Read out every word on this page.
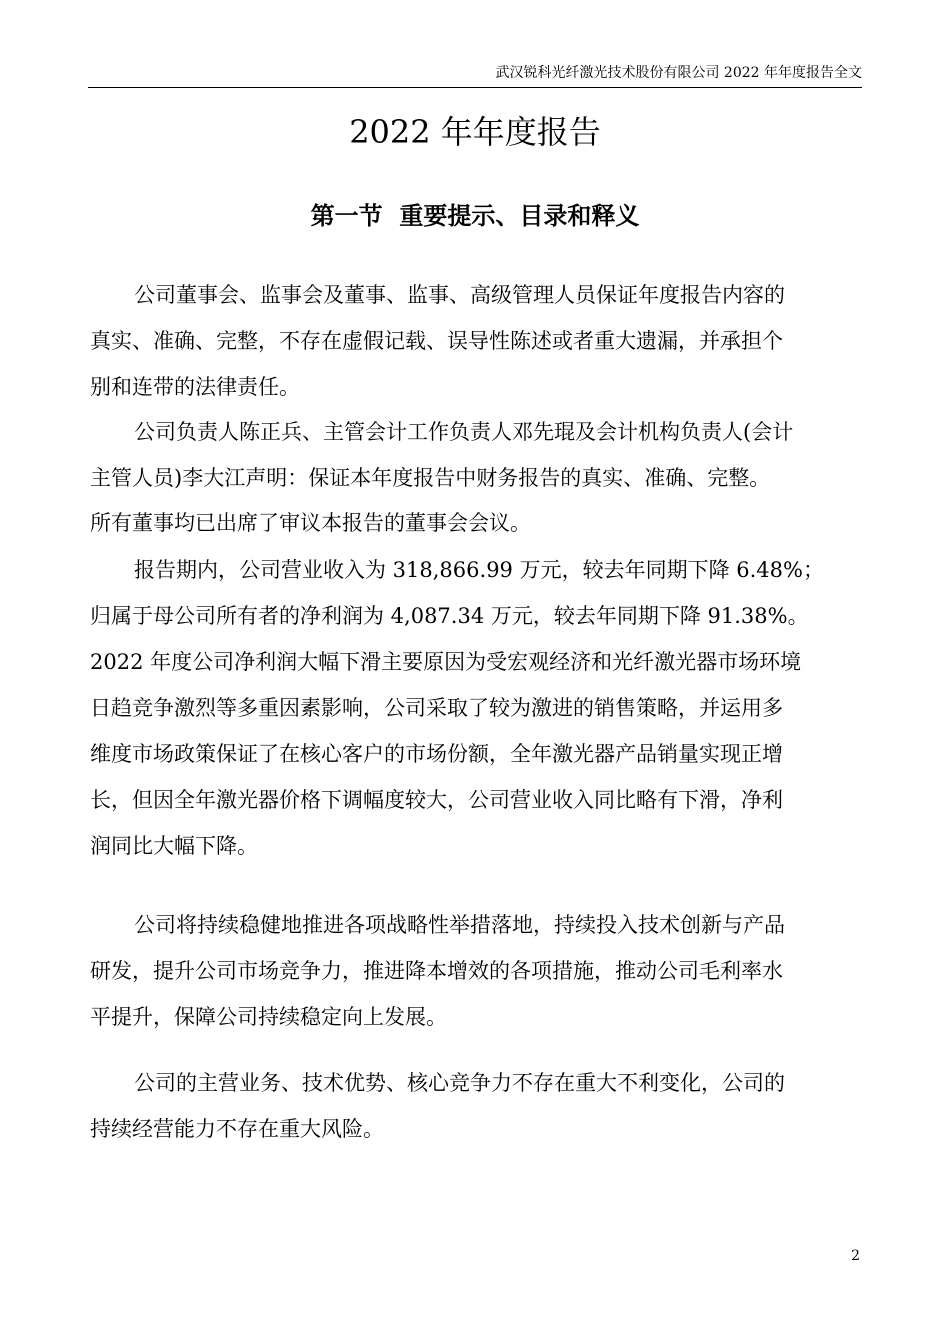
武汉锐科光纤激光技术股份有限公司 2022 年年度报告全文
2022 年年度报告
第一节  重要提示、目录和释义

公司董事会、监事会及董事、监事、高级管理人员保证年度报告内容的
真实、准确、完整，不存在虚假记载、误导性陈述或者重大遗漏，并承担个
别和连带的法律责任。

公司负责人陈正兵、主管会计工作负责人邓先琨及会计机构负责人(会计
主管人员)李大江声明：保证本年度报告中财务报告的真实、准确、完整。

所有董事均已出席了审议本报告的董事会会议。

报告期内，公司营业收入为 318,866.99 万元，较去年同期下降 6.48%；
归属于母公司所有者的净利润为 4,087.34 万元，较去年同期下降 91.38%。
2022 年度公司净利润大幅下滑主要原因为受宏观经济和光纤激光器市场环境
日趋竞争激烈等多重因素影响，公司采取了较为激进的销售策略，并运用多
维度市场政策保证了在核心客户的市场份额，全年激光器产品销量实现正增
长，但因全年激光器价格下调幅度较大，公司营业收入同比略有下滑，净利
润同比大幅下降。

公司将持续稳健地推进各项战略性举措落地，持续投入技术创新与产品
研发，提升公司市场竞争力，推进降本增效的各项措施，推动公司毛利率水
平提升，保障公司持续稳定向上发展。

公司的主营业务、技术优势、核心竞争力不存在重大不利变化，公司的
持续经营能力不存在重大风险。

2
